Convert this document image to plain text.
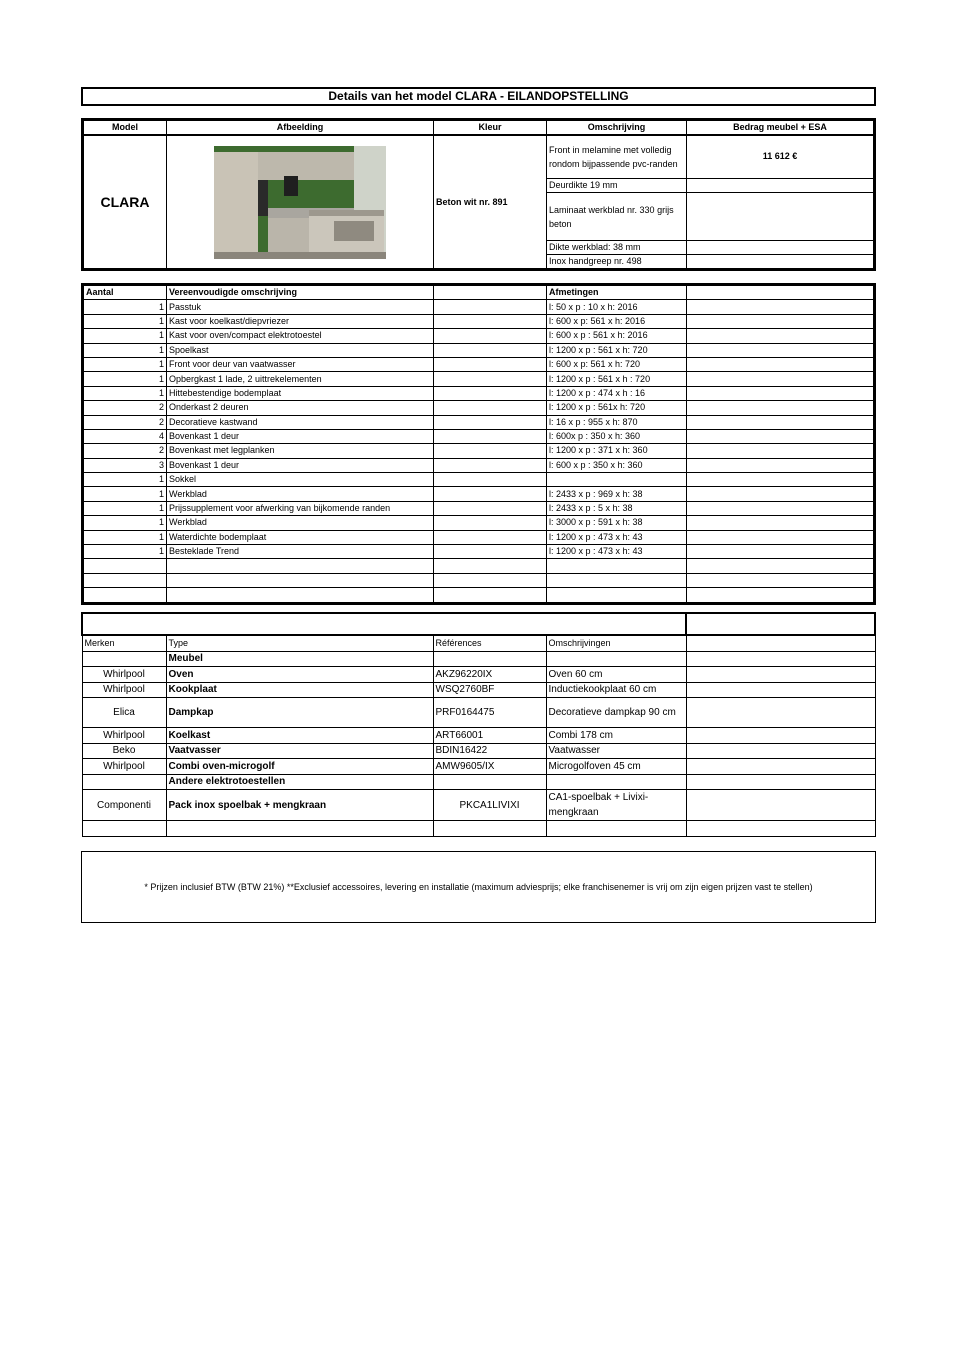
Details van het model CLARA - EILANDOPSTELLING
Model	Afbeelding	Kleur	Omschrijving	Bedrag meubel + ESA
CLARA		Beton wit nr. 891	Front in melamine met volledig rondom bijpassende pvc-randen	11 612 €
			Deurdikte 19 mm	
			Laminaat werkblad nr. 330 grijs beton	
			Dikte werkblad: 38 mm	
			Inox handgreep nr. 498	
Aantal	Vereenvoudigde omschrijving		Afmetingen	
1	Passtuk		l: 50 x p : 10 x h: 2016	
1	Kast voor koelkast/diepvriezer		l: 600 x p: 561 x h: 2016	
1	Kast voor oven/compact elektrotoestel		l: 600 x p : 561 x h: 2016	
1	Spoelkast		l: 1200 x p : 561 x h: 720	
1	Front voor deur van vaatwasser		l: 600 x p: 561 x h: 720	
1	Opbergkast 1 lade, 2 uittrekelementen		l: 1200 x p : 561 x h : 720	
1	Hittebestendige bodemplaat		l: 1200 x p : 474 x h : 16	
2	Onderkast 2 deuren		l: 1200 x p : 561x h: 720	
2	Decoratieve kastwand		l: 16 x p : 955 x h: 870	
4	Bovenkast 1 deur		l: 600x p : 350 x h: 360	
2	Bovenkast met legplanken		l: 1200 x p : 371 x h: 360	
3	Bovenkast 1 deur		l: 600 x p : 350 x h: 360	
1	Sokkel			
1	Werkblad		l: 2433 x p : 969 x h: 38	
1	Prijssupplement voor afwerking van bijkomende randen		l: 2433 x p : 5 x h: 38	
1	Werkblad		l: 3000 x p : 591 x h: 38	
1	Waterdichte bodemplaat		l: 1200 x p : 473 x h: 43	
1	Besteklade Trend		l: 1200 x p : 473 x h: 43	

Merken	Type	Références	Omschrijvingen	
	Meubel			
Whirlpool	Oven	AKZ96220IX	Oven 60 cm	
Whirlpool	Kookplaat	WSQ2760BF	Inductiekookplaat 60 cm	
Elica	Dampkap	PRF0164475	Decoratieve dampkap 90 cm	
Whirlpool	Koelkast	ART66001	Combi 178 cm	
Beko	Vaatvasser	BDIN16422	Vaatwasser	
Whirlpool	Combi oven-microgolf	AMW9605/IX	Microgolfoven 45 cm	
	Andere elektrotoestellen			
Componenti	Pack inox spoelbak + mengkraan	PKCA1LIVIXI	CA1-spoelbak + Livixi-mengkraan	

* Prijzen inclusief BTW (BTW 21%) **Exclusief accessoires, levering en installatie (maximum adviesprijs; elke franchisenemer is vrij om zijn eigen prijzen vast te stellen)
